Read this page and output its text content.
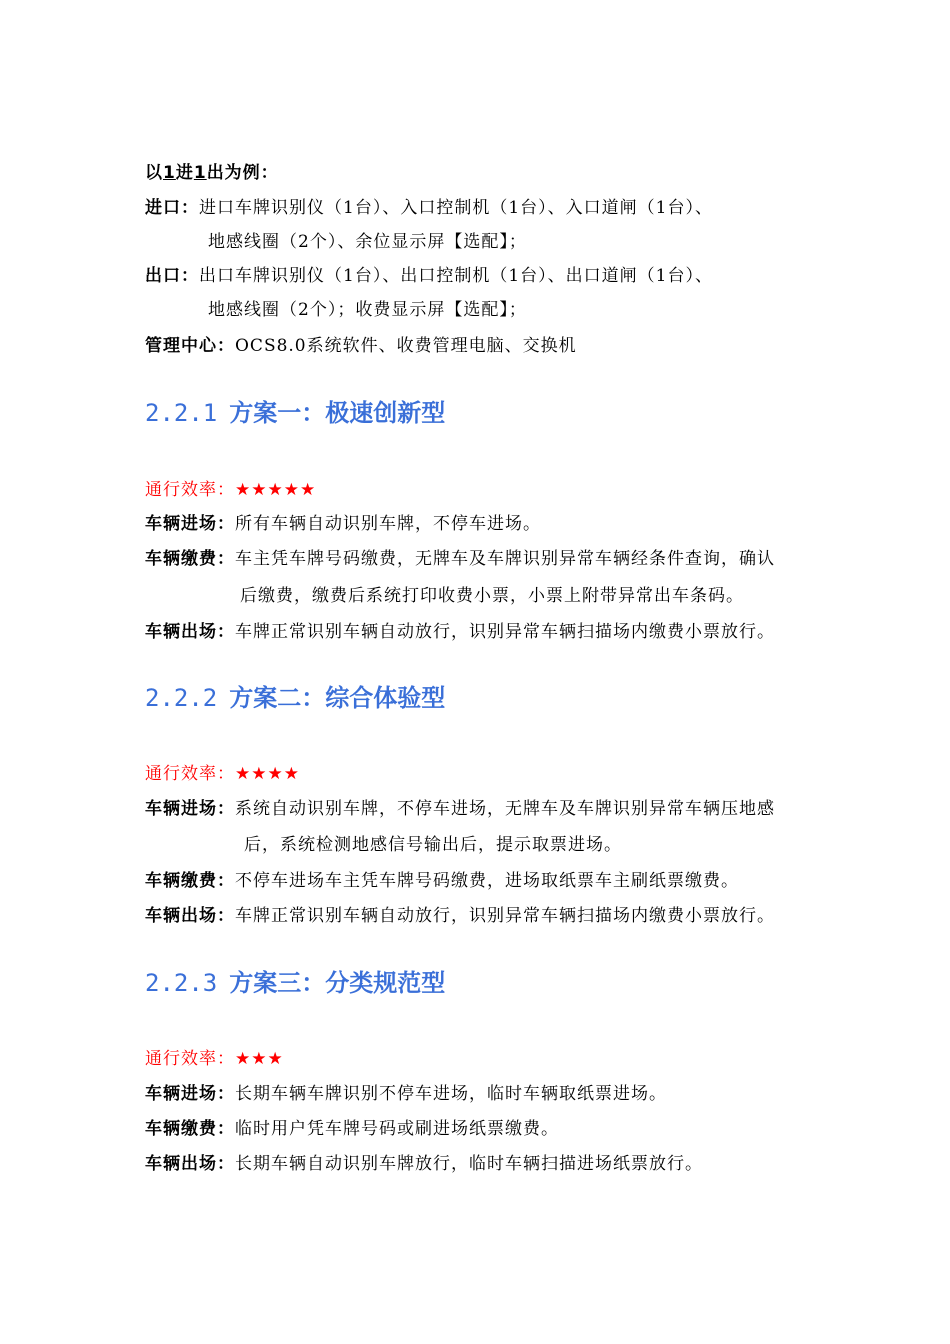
以1进1出为例：
进口：进口车牌识别仪（1台）、入口控制机（1台）、入口道闸（1台）、
地感线圈（2个）、余位显示屏【选配】；
出口：出口车牌识别仪（1台）、出口控制机（1台）、出口道闸（1台）、
地感线圈（2个）；收费显示屏【选配】；
管理中心：OCS8.0系统软件、收费管理电脑、交换机
2.2.1 方案一：极速创新型
通行效率：★★★★★
车辆进场：所有车辆自动识别车牌，不停车进场。
车辆缴费：车主凭车牌号码缴费，无牌车及车牌识别异常车辆经条件查询，确认
后缴费，缴费后系统打印收费小票，小票上附带异常出车条码。
车辆出场：车牌正常识别车辆自动放行，识别异常车辆扫描场内缴费小票放行。
2.2.2 方案二：综合体验型
通行效率：★★★★
车辆进场：系统自动识别车牌，不停车进场，无牌车及车牌识别异常车辆压地感
后，系统检测地感信号输出后，提示取票进场。
车辆缴费：不停车进场车主凭车牌号码缴费，进场取纸票车主刷纸票缴费。
车辆出场：车牌正常识别车辆自动放行，识别异常车辆扫描场内缴费小票放行。
2.2.3 方案三：分类规范型
通行效率：★★★
车辆进场：长期车辆车牌识别不停车进场，临时车辆取纸票进场。
车辆缴费：临时用户凭车牌号码或刷进场纸票缴费。
车辆出场：长期车辆自动识别车牌放行，临时车辆扫描进场纸票放行。
